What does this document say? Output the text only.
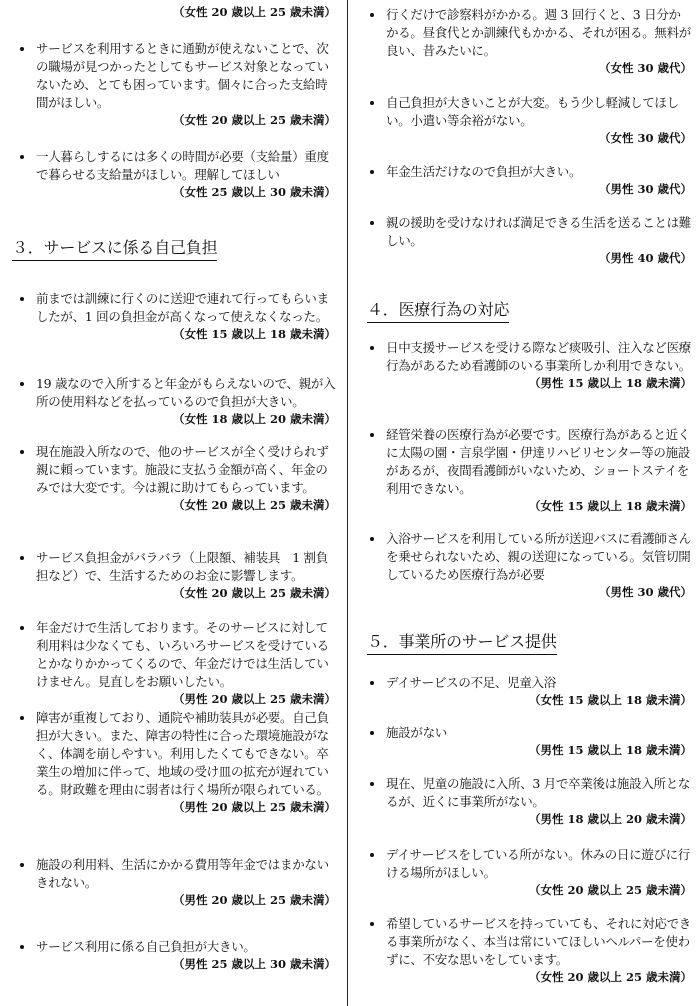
（女性 20 歳以上 25 歳未満）
サービスを利用するときに通勤が使えないことで、次の職場が見つかったとしてもサービス対象となっていないため、とても困っています。個々に合った支給時間がほしい。
（女性 20 歳以上 25 歳未満）
一人暮らしするには多くの時間が必要（支給量）重度で暮らせる支給量がほしい。理解してほしい
（女性 25 歳以上 30 歳未満）
３．サービスに係る自己負担
前までは訓練に行くのに送迎で連れて行ってもらいましたが、1 回の負担金が高くなって使えなくなった。
（女性 15 歳以上 18 歳未満）
19 歳なので入所すると年金がもらえないので、親が入所の使用料などを払っているので負担が大きい。
（女性 18 歳以上 20 歳未満）
現在施設入所なので、他のサービスが全く受けられず親に頼っています。施設に支払う金額が高く、年金のみでは大変です。今は親に助けてもらっています。
（女性 20 歳以上 25 歳未満）
サービス負担金がバラバラ（上限額、補装具　1 割負担など）で、生活するためのお金に影響します。
（女性 20 歳以上 25 歳未満）
年金だけで生活しております。そのサービスに対して利用料は少なくても、いろいろサービスを受けているとかなりかかってくるので、年金だけでは生活していけません。見直しをお願いしたい。
（男性 20 歳以上 25 歳未満）
障害が重複しており、通院や補助装具が必要。自己負担が大きい。また、障害の特性に合った環境施設がなく、体調を崩しやすい。利用したくてもできない。卒業生の増加に伴って、地域の受け皿の拡充が遅れている。財政難を理由に弱者は行く場所が限られている。
（男性 20 歳以上 25 歳未満）
施設の利用料、生活にかかる費用等年金ではまかないきれない。
（男性 20 歳以上 25 歳未満）
サービス利用に係る自己負担が大きい。
（男性 25 歳以上 30 歳未満）
行くだけで診察料がかかる。週 3 回行くと、3 日分かかる。昼食代とか訓練代もかかる、それが困る。無料が良い、昔みたいに。
（女性 30 歳代）
自己負担が大きいことが大変。もう少し軽減してほしい。小遣い等余裕がない。
（女性 30 歳代）
年金生活だけなので負担が大きい。
（男性 30 歳代）
親の援助を受けなければ満足できる生活を送ることは難しい。
（男性 40 歳代）
４．医療行為の対応
日中支援サービスを受ける際など痰吸引、注入など医療行為があるため看護師のいる事業所しか利用できない。
（男性 15 歳以上 18 歳未満）
経管栄養の医療行為が必要です。医療行為があると近くに太陽の園・言泉学園・伊達リハビリセンター等の施設があるが、夜間看護師がいないため、ショートステイを利用できない。
（女性 15 歳以上 18 歳未満）
入浴サービスを利用している所が送迎バスに看護師さんを乗せられないため、親の送迎になっている。気管切開しているため医療行為が必要
（男性 30 歳代）
５．事業所のサービス提供
デイサービスの不足、児童入浴
（女性 15 歳以上 18 歳未満）
施設がない
（男性 15 歳以上 18 歳未満）
現在、児童の施設に入所、3 月で卒業後は施設入所となるが、近くに事業所がない。
（男性 18 歳以上 20 歳未満）
デイサービスをしている所がない。休みの日に遊びに行ける場所がほしい。
（女性 20 歳以上 25 歳未満）
希望しているサービスを持っていても、それに対応できる事業所がなく、本当は常にいてほしいヘルパーを使わずに、不安な思いをしています。
（女性 20 歳以上 25 歳未満）
